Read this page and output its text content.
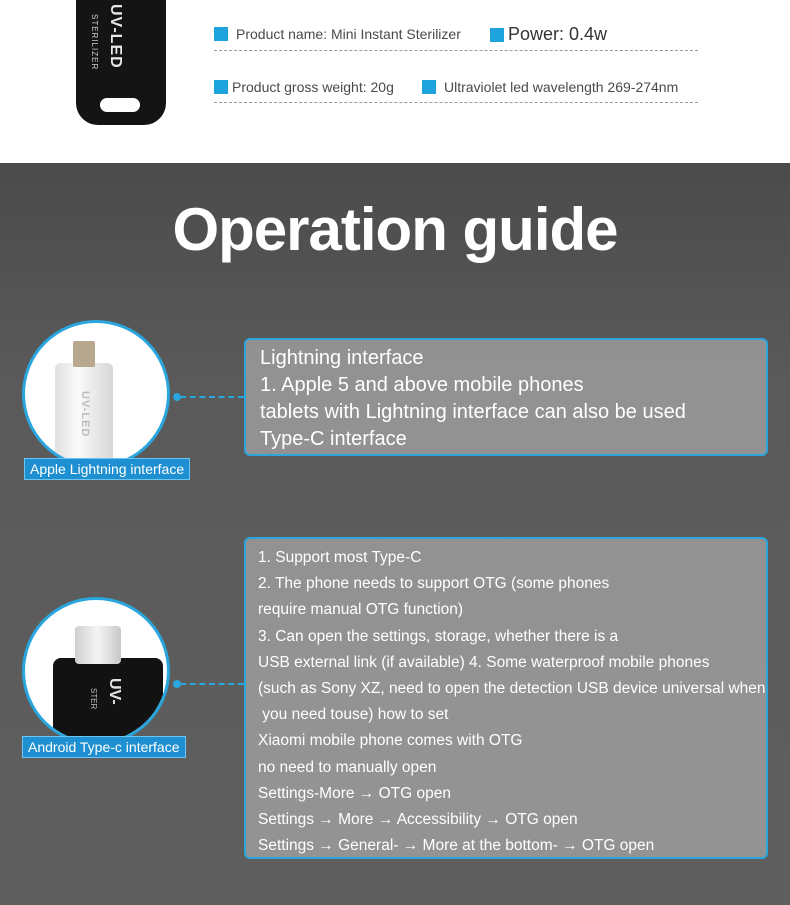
UV-LED
STERILIZER	Product name: Mini Instant Sterilizer	Power: 0.4w
Product gross weight: 20g	Ultraviolet led wavelength 269-274nm
Operation guide
UV-LED
Apple Lightning interface
Lightning interface
1. Apple 5 and above mobile phones
tablets with Lightning interface can also be used
Type-C interface
UV-
STER
Android Type-c interface
1. Support most Type-C
2. The phone needs to support OTG (some phones
require manual OTG function)
3. Can open the settings, storage, whether there is a
USB external link (if available) 4. Some waterproof mobile phones
(such as Sony XZ, need to open the detection USB device universal when
you need touse) how to set
Xiaomi mobile phone comes with OTG
no need to manually open
Settings-More → OTG open
Settings → More → Accessibility → OTG open
Settings → General- → More at the bottom- → OTG open
